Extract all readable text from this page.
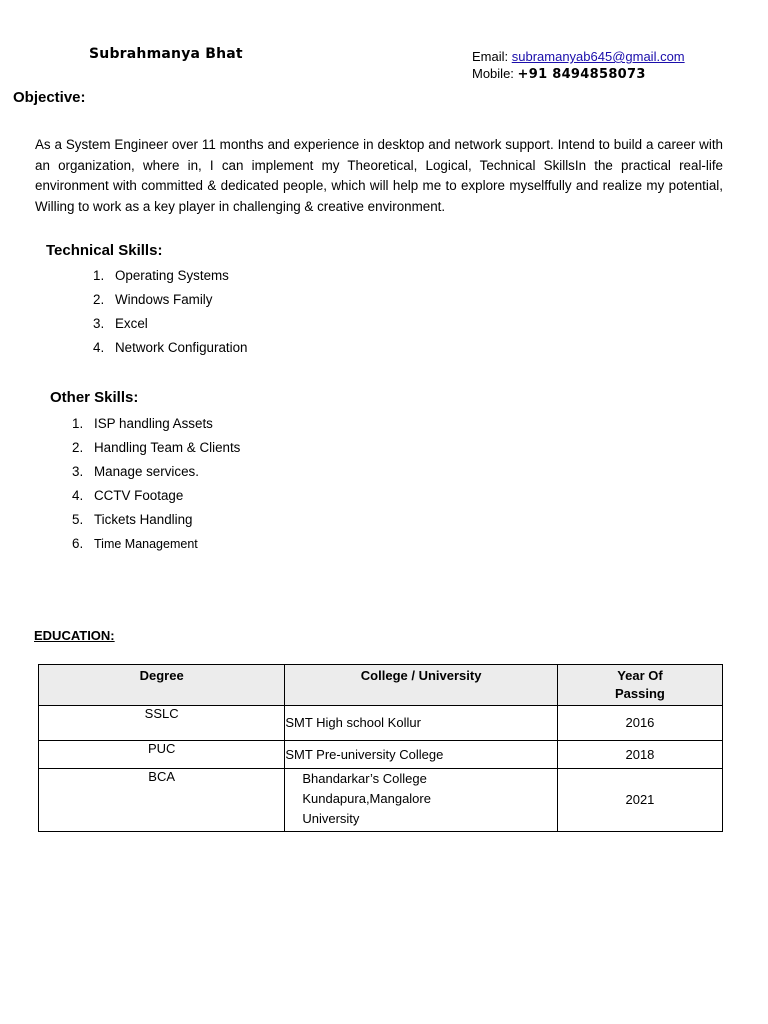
Subrahmanya Bhat	Email: subramanyab645@gmail.com
Mobile: +91 8494858073
Objective:
As a System Engineer over 11 months and experience in desktop and network support. Intend to build a career with an organization, where in, I can implement my Theoretical, Logical, Technical SkillsIn the practical real-life environment with committed & dedicated people, which will help me to explore myselffully and realize my potential, Willing to work as a key player in challenging & creative environment.
Technical Skills:
1. Operating Systems
2. Windows Family
3. Excel
4. Network Configuration
Other Skills:
1. ISP handling Assets
2. Handling Team & Clients
3. Manage services.
4. CCTV Footage
5. Tickets Handling
6. Time Management
EDUCATION:
Degree	College / University	Year Of
Passing
SSLC	SMT High school Kollur	2016
PUC	SMT Pre-university College	2018
BCA	Bhandarkar’s College
Kundapura,Mangalore
University	2021
